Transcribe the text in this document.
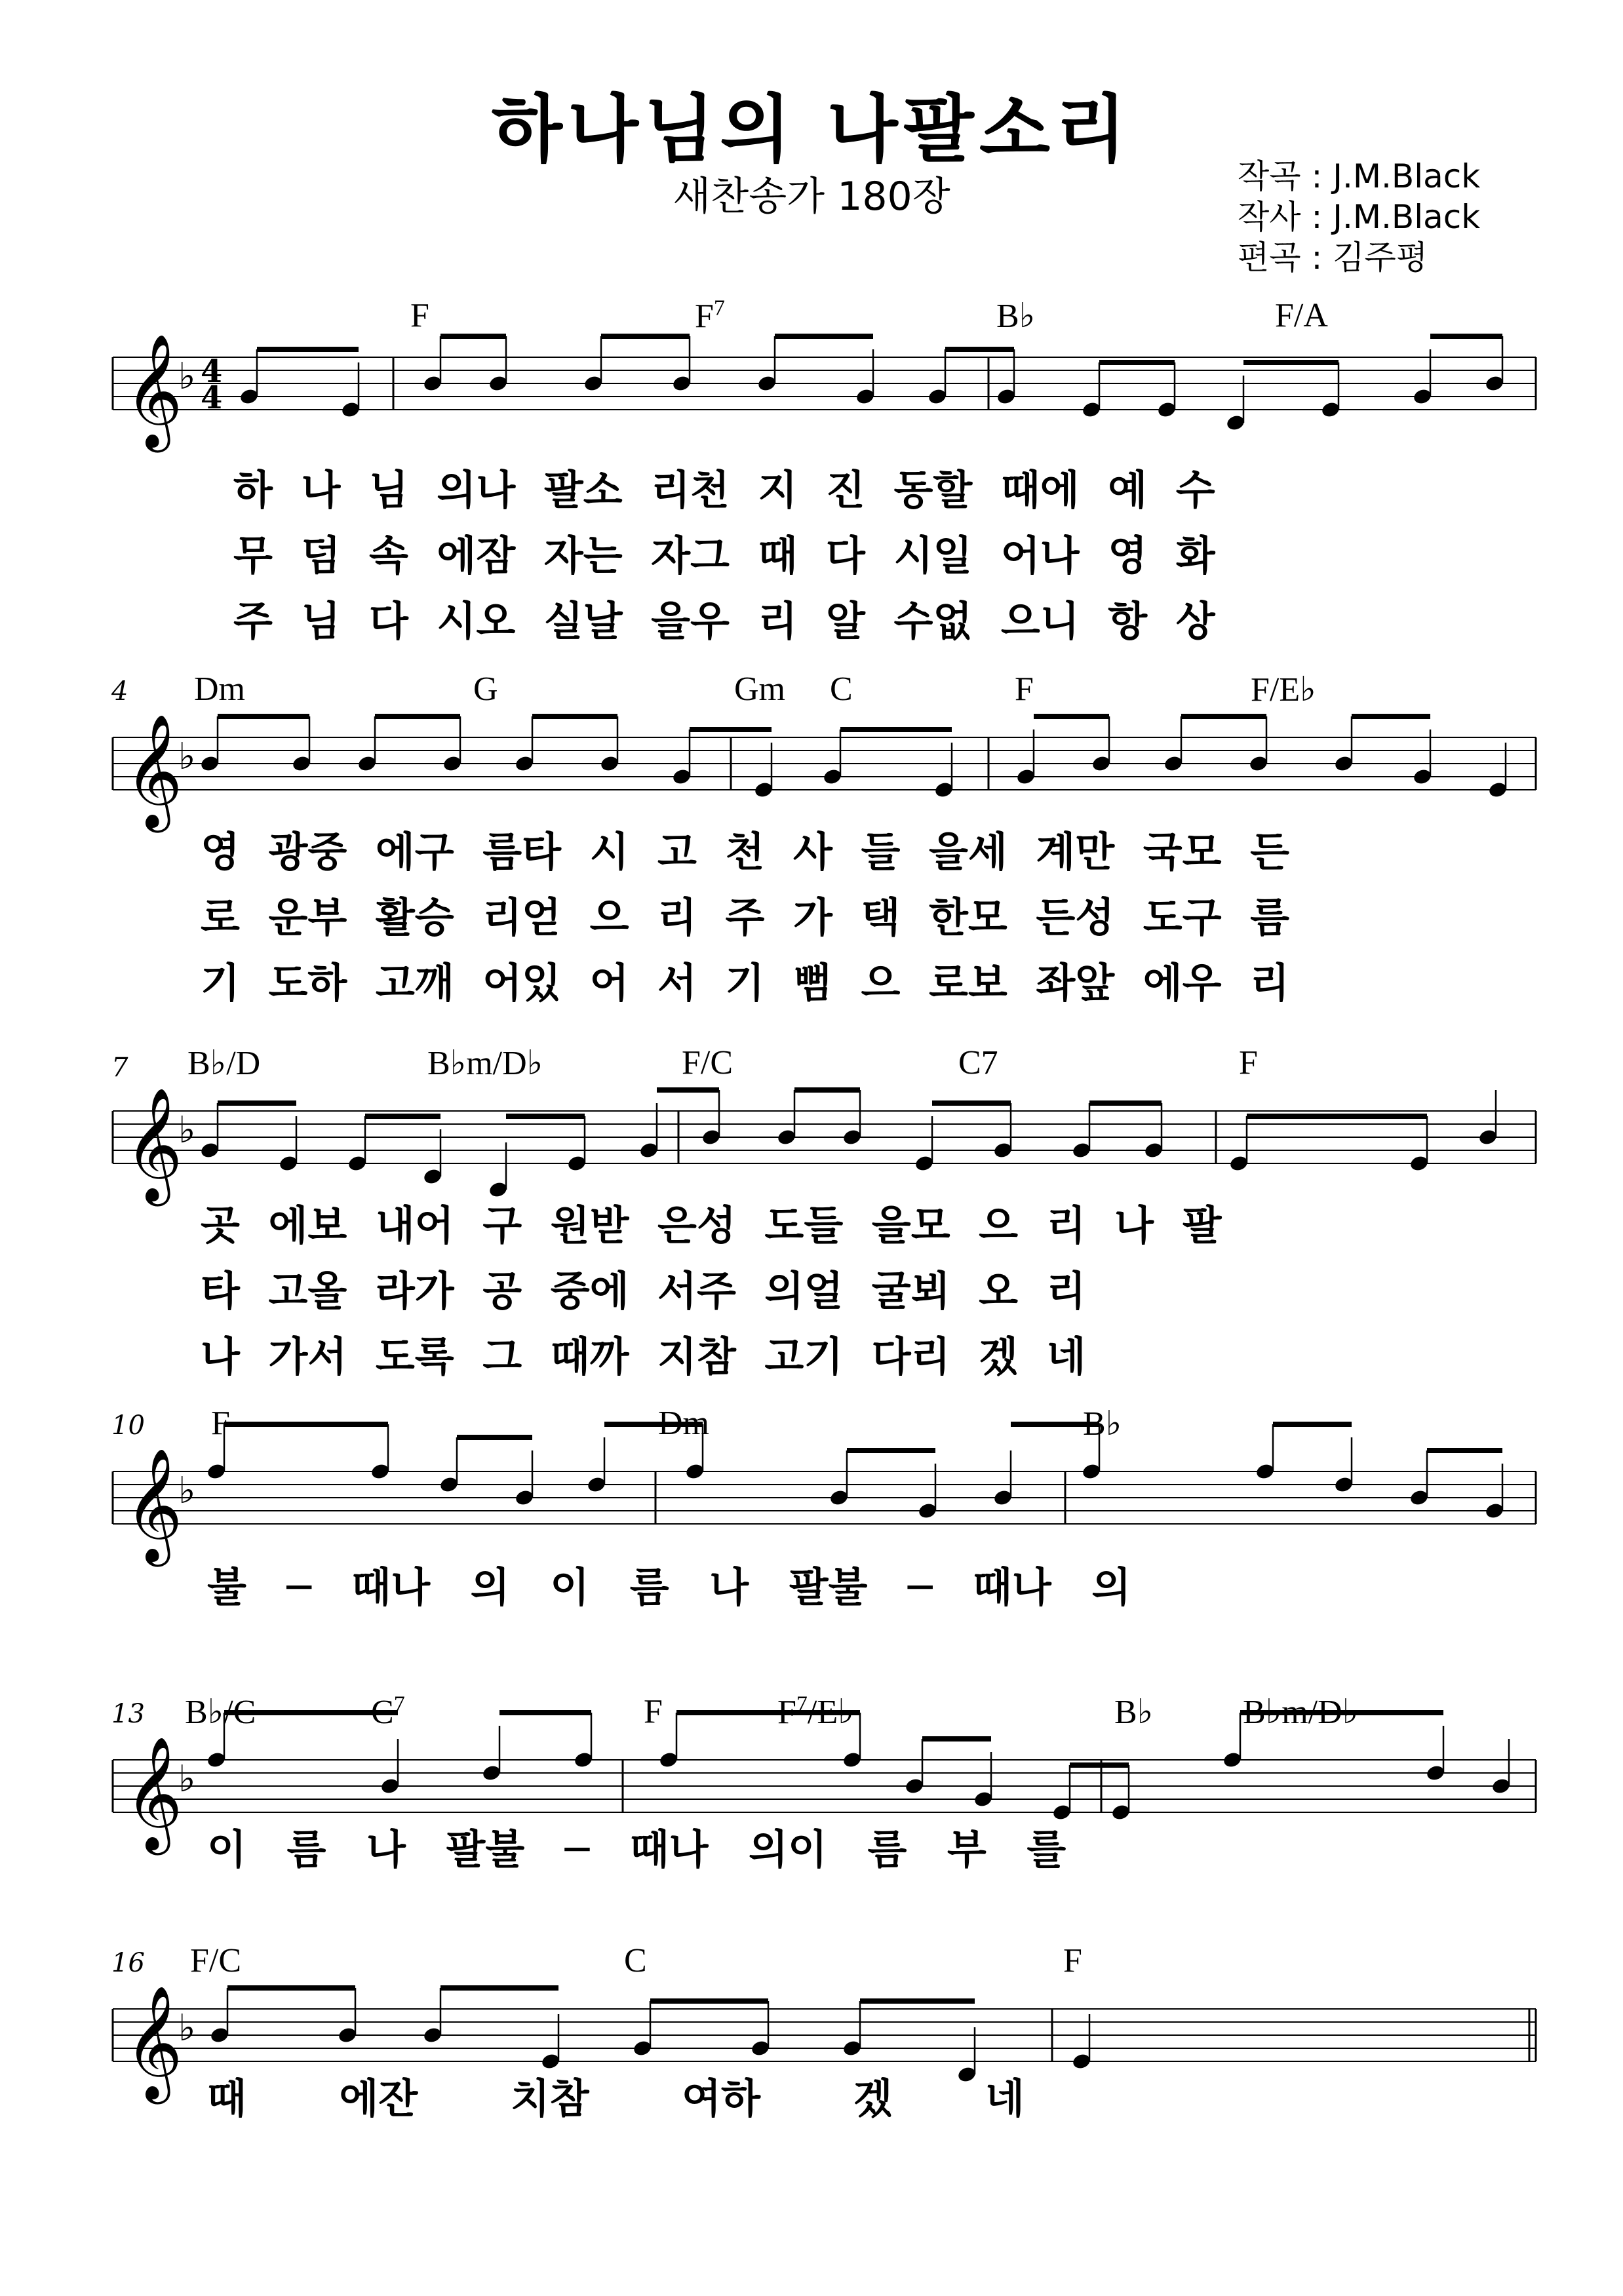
하나님의 나팔소리
새찬송가 180장	작곡 : J.M.Black
작사 : J.M.Black
편곡 : 김주평
𝄞
♭ 4
4
F	$F^7$	B♭	F/A
하 나 님 의나 팔소 리천 지 진 동할 때에 예 수
무 덤 속 에잠 자는 자그 때 다 시일 어나 영 화
주 님 다 시오 실날 을우 리 알 수없 으니 항 상
𝄞
♭
4 Dm	G	Gm C	F	F/E♭
영 광중 에구 름타 시 고 천 사 들 을세 계만 국모 든
로 운부 활승 리얻 으 리 주 가 택 한모 든성 도구 름
기 도하 고깨 어있 어 서 기 뻠 으 로보 좌앞 에우 리
𝄞
♭
7 B♭/D	B♭m/D♭	F/C	C7	F
곳 에보 내어 구 원받 은성 도들 을모 으 리 나 팔
타 고올 라가 공 중에 서주 의얼 굴뵈 오 리
나 가서 도록 그 때까 지참 고기 다리 겠 네
𝄞
♭
10 F	Dm	B♭
불 ─ 때나 의 이 름 나 팔불 ─ 때나 의
𝄞
♭
13 B♭/C	$C^7$	F	$F^7/E♭$	B♭	B♭m/D♭
이 름 나 팔불 ─ 때나 의이 름 부 를
𝄞
♭
16 F/C	C	F
때 에잔 치참 여하 겠 네
